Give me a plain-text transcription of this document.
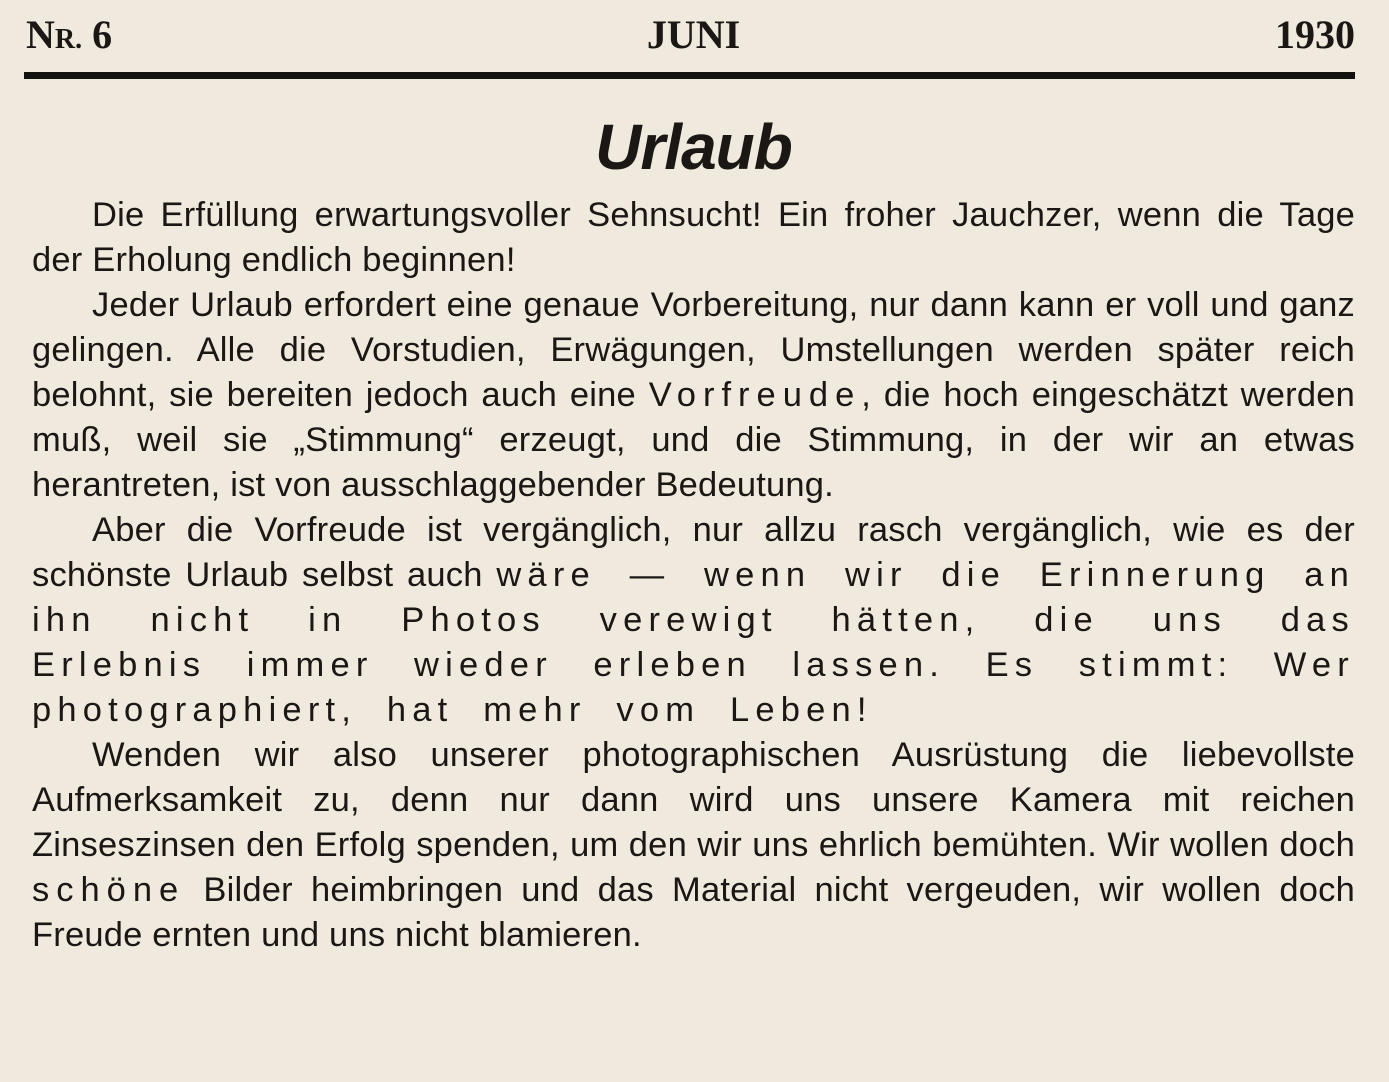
NR. 6	JUNI	1930
Urlaub

Die Erfüllung erwartungsvoller Sehnsucht! Ein froher Jauchzer, wenn die Tage der Erholung endlich beginnen!

Jeder Urlaub erfordert eine genaue Vorbereitung, nur dann kann er voll und ganz gelingen. Alle die Vorstudien, Erwägungen, Umstellungen werden später reich belohnt, sie bereiten jedoch auch eine Vorfreude, die hoch eingeschätzt werden muß, weil sie „Stimmung“ erzeugt, und die Stimmung, in der wir an etwas herantreten, ist von ausschlaggebender Bedeutung.

Aber die Vorfreude ist vergänglich, nur allzu rasch vergänglich, wie es der schönste Urlaub selbst auch wäre — wenn wir die Erinnerung an ihn nicht in Photos verewigt hätten, die uns das Erlebnis immer wieder erleben lassen. Es stimmt: Wer photographiert, hat mehr vom Leben!

Wenden wir also unserer photographischen Ausrüstung die liebevollste Aufmerksamkeit zu, denn nur dann wird uns unsere Kamera mit reichen Zinseszinsen den Erfolg spenden, um den wir uns ehrlich bemühten. Wir wollen doch schöne Bilder heimbringen und das Material nicht vergeuden, wir wollen doch Freude ernten und uns nicht blamieren.
